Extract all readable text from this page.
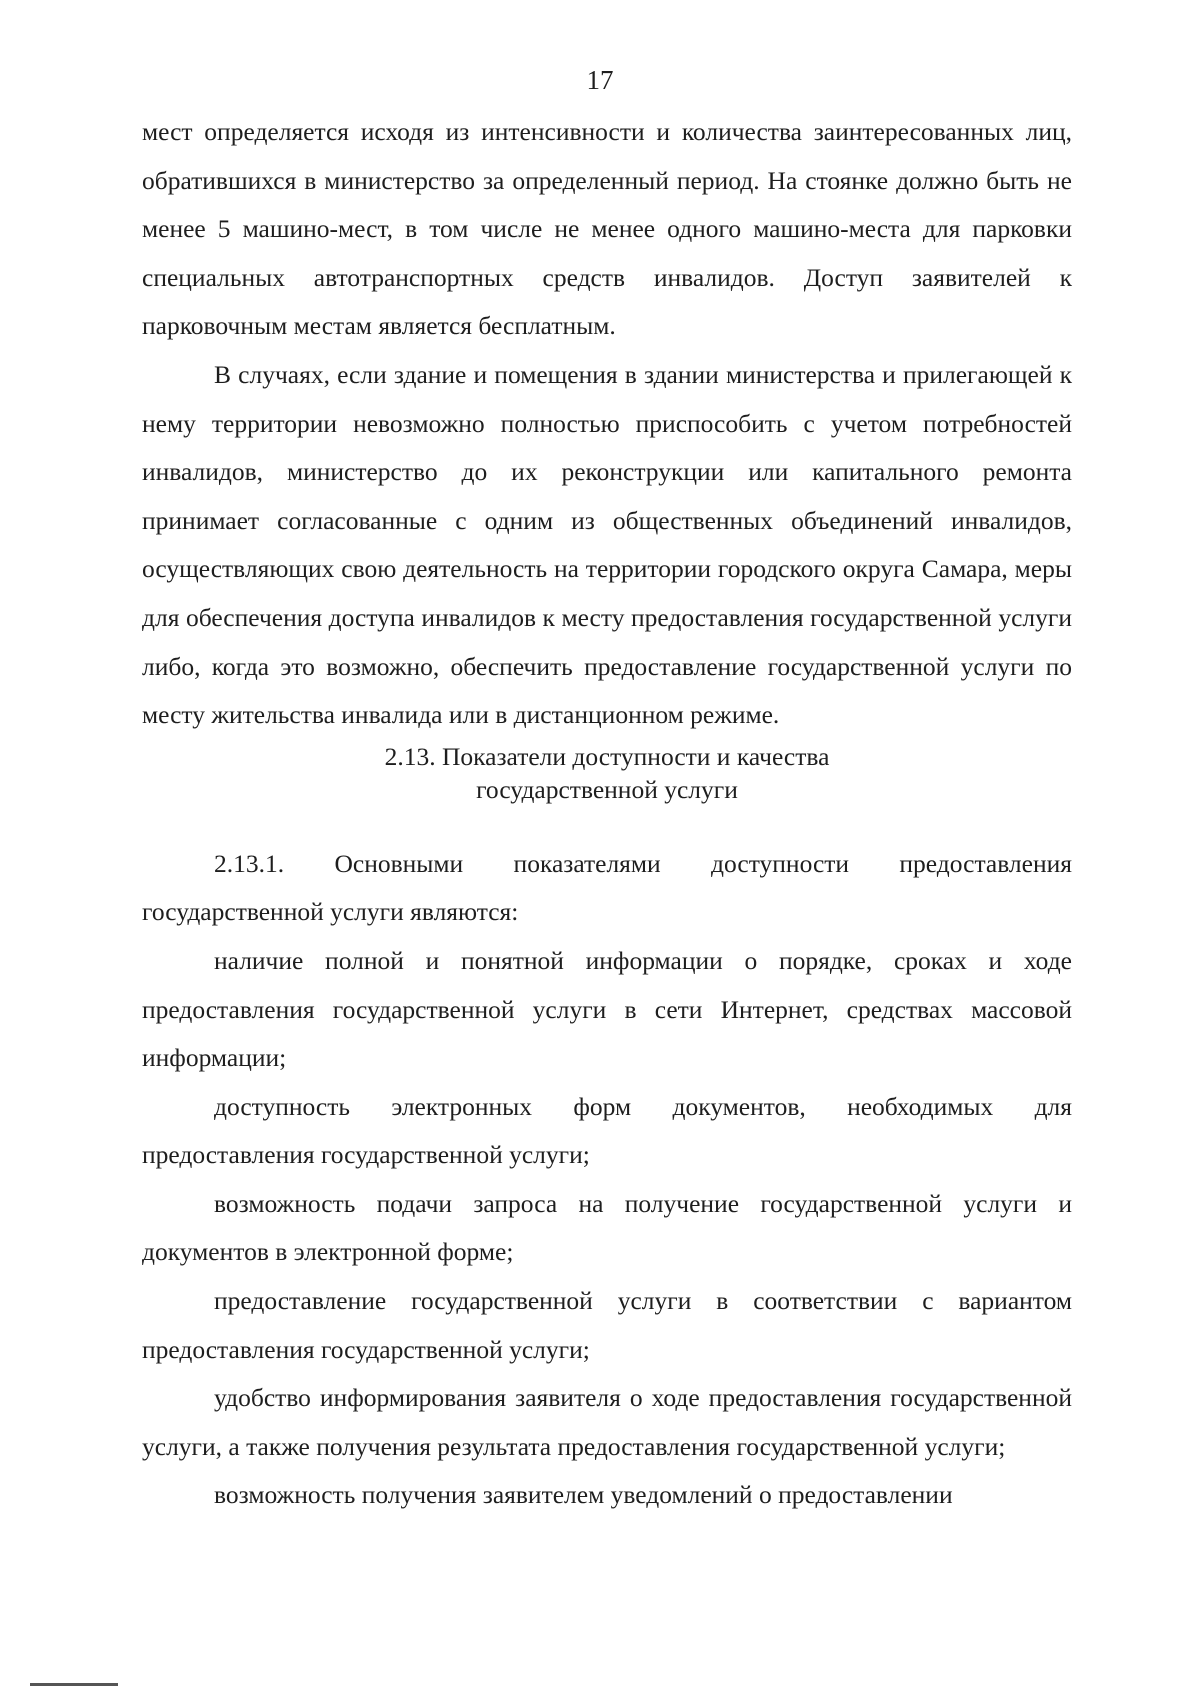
17

мест определяется исходя из интенсивности и количества заинтересованных лиц, обратившихся в министерство за определенный период. На стоянке должно быть не менее 5 машино-мест, в том числе не менее одного машино-места для парковки специальных автотранспортных средств инвалидов. Доступ заявителей к парковочным местам является бесплатным.

В случаях, если здание и помещения в здании министерства и прилегающей к нему территории невозможно полностью приспособить с учетом потребностей инвалидов, министерство до их реконструкции или капитального ремонта принимает согласованные с одним из общественных объединений инвалидов, осуществляющих свою деятельность на территории городского округа Самара, меры для обеспечения доступа инвалидов к месту предоставления государственной услуги либо, когда это возможно, обеспечить предоставление государственной услуги по месту жительства инвалида или в дистанционном режиме.

2.13. Показатели доступности и качества
государственной услуги

2.13.1. Основными показателями доступности предоставления государственной услуги являются:

наличие полной и понятной информации о порядке, сроках и ходе предоставления государственной услуги в сети Интернет, средствах массовой информации;

доступность электронных форм документов, необходимых для предоставления государственной услуги;

возможность подачи запроса на получение государственной услуги и документов в электронной форме;

предоставление государственной услуги в соответствии с вариантом предоставления государственной услуги;

удобство информирования заявителя о ходе предоставления государственной услуги, а также получения результата предоставления государственной услуги;

возможность получения заявителем уведомлений о предоставлении
